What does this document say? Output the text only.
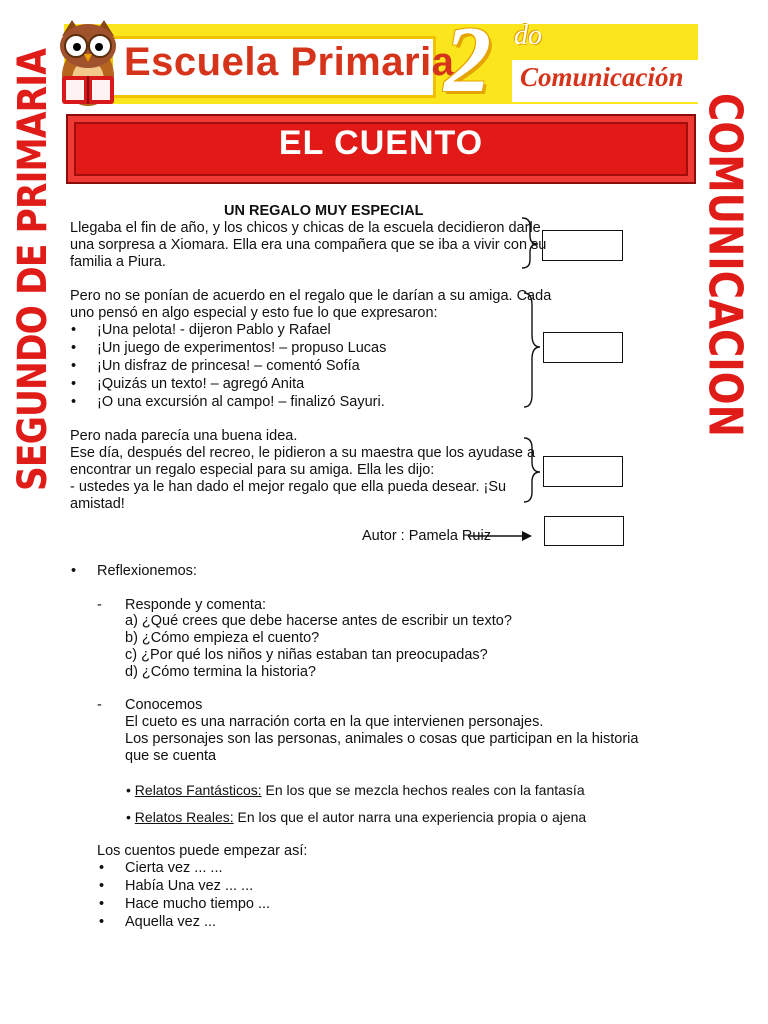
Escuela Primaria
2 do
Comunicación
EL CUENTO
SEGUNDO DE PRIMARIA	COMUNICACION
UN REGALO MUY ESPECIAL
Llegaba el fin de año, y los chicos y chicas de la escuela decidieron darle
una sorpresa a Xiomara. Ella era una compañera que se iba a vivir con su
familia a Piura.
Pero no se ponían de acuerdo en el regalo que le darían a su amiga. Cada
uno pensó en algo especial y esto fue lo que expresaron:
• ¡Una pelota! - dijeron Pablo y Rafael
• ¡Un juego de experimentos! – propuso Lucas
• ¡Un disfraz de princesa! – comentó Sofía
• ¡Quizás un texto! – agregó Anita
• ¡O una excursión al campo! – finalizó Sayuri.
Pero nada parecía una buena idea.
Ese día, después del recreo, le pidieron a su maestra que los ayudase a
encontrar un regalo especial para su amiga. Ella les dijo:
- ustedes ya le han dado el mejor regalo que ella pueda desear. ¡Su
amistad!
Autor : Pamela Ruiz
• Reflexionemos:
- Responde y comenta:
a) ¿Qué crees que debe hacerse antes de escribir un texto?
b) ¿Cómo empieza el cuento?
c) ¿Por qué los niños y niñas estaban tan preocupadas?
d) ¿Cómo termina la historia?
- Conocemos
El cueto es una narración corta en la que intervienen personajes.
Los personajes son las personas, animales o cosas que participan en la historia
que se cuenta
• Relatos Fantásticos: En los que se mezcla hechos reales con la fantasía
• Relatos Reales: En los que el autor narra una experiencia propia o ajena
Los cuentos puede empezar así:
• Cierta vez ... ...
• Había Una vez ... ...
• Hace mucho tiempo ...
• Aquella vez ...
